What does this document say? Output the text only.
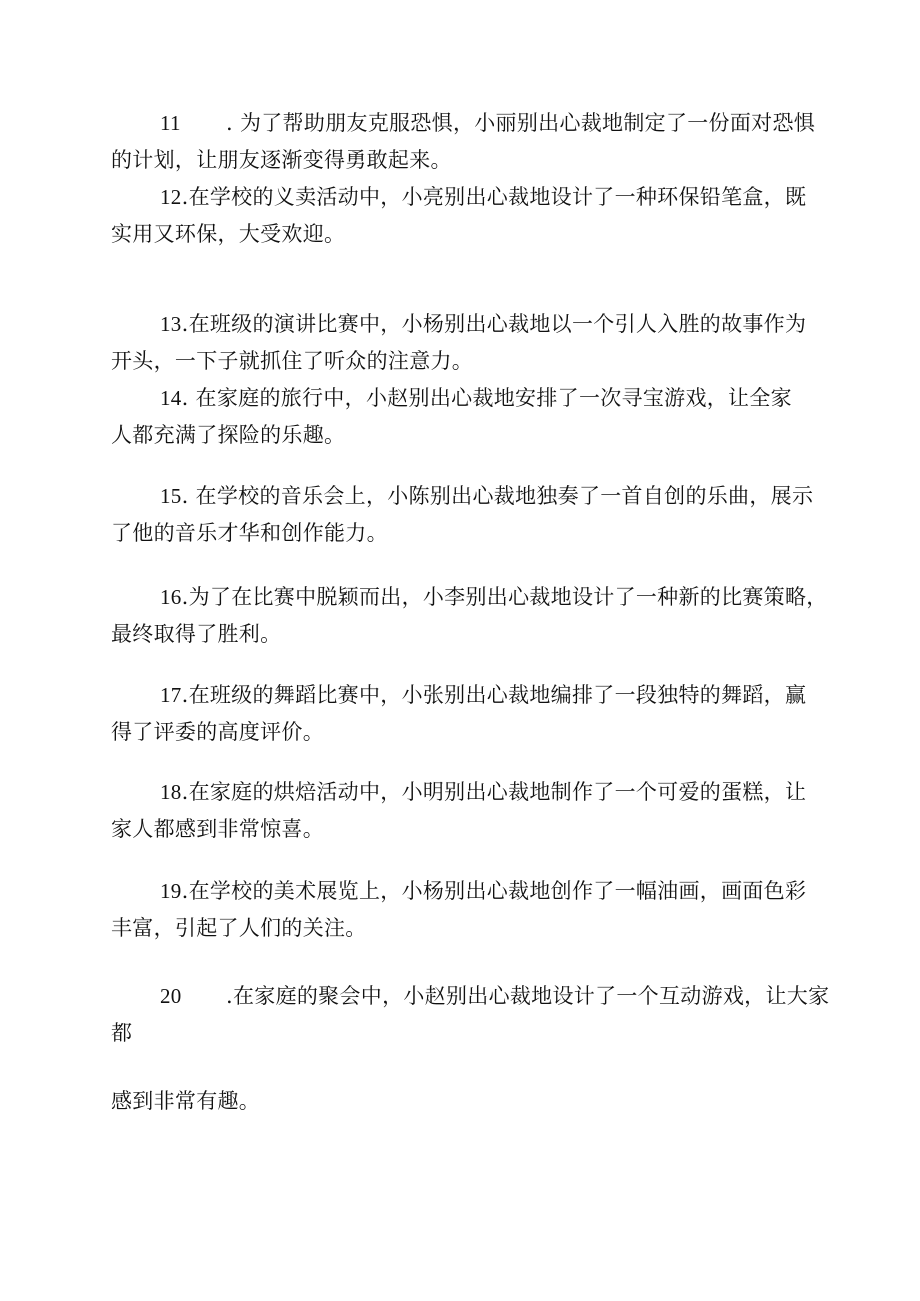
11 . 为了帮助朋友克服恐惧，小丽别出心裁地制定了一份面对恐惧
的计划，让朋友逐渐变得勇敢起来。

12.在学校的义卖活动中，小亮别出心裁地设计了一种环保铅笔盒，既
实用又环保，大受欢迎。

13.在班级的演讲比赛中，小杨别出心裁地以一个引人入胜的故事作为
开头，一下子就抓住了听众的注意力。

14. 在家庭的旅行中，小赵别出心裁地安排了一次寻宝游戏，让全家
人都充满了探险的乐趣。

15. 在学校的音乐会上，小陈别出心裁地独奏了一首自创的乐曲，展示
了他的音乐才华和创作能力。

16.为了在比赛中脱颖而出，小李别出心裁地设计了一种新的比赛策略，
最终取得了胜利。

17.在班级的舞蹈比赛中，小张别出心裁地编排了一段独特的舞蹈，赢
得了评委的高度评价。

18.在家庭的烘焙活动中，小明别出心裁地制作了一个可爱的蛋糕，让
家人都感到非常惊喜。

19.在学校的美术展览上，小杨别出心裁地创作了一幅油画，画面色彩
丰富，引起了人们的关注。

20 .在家庭的聚会中，小赵别出心裁地设计了一个互动游戏，让大家
都
感到非常有趣。
